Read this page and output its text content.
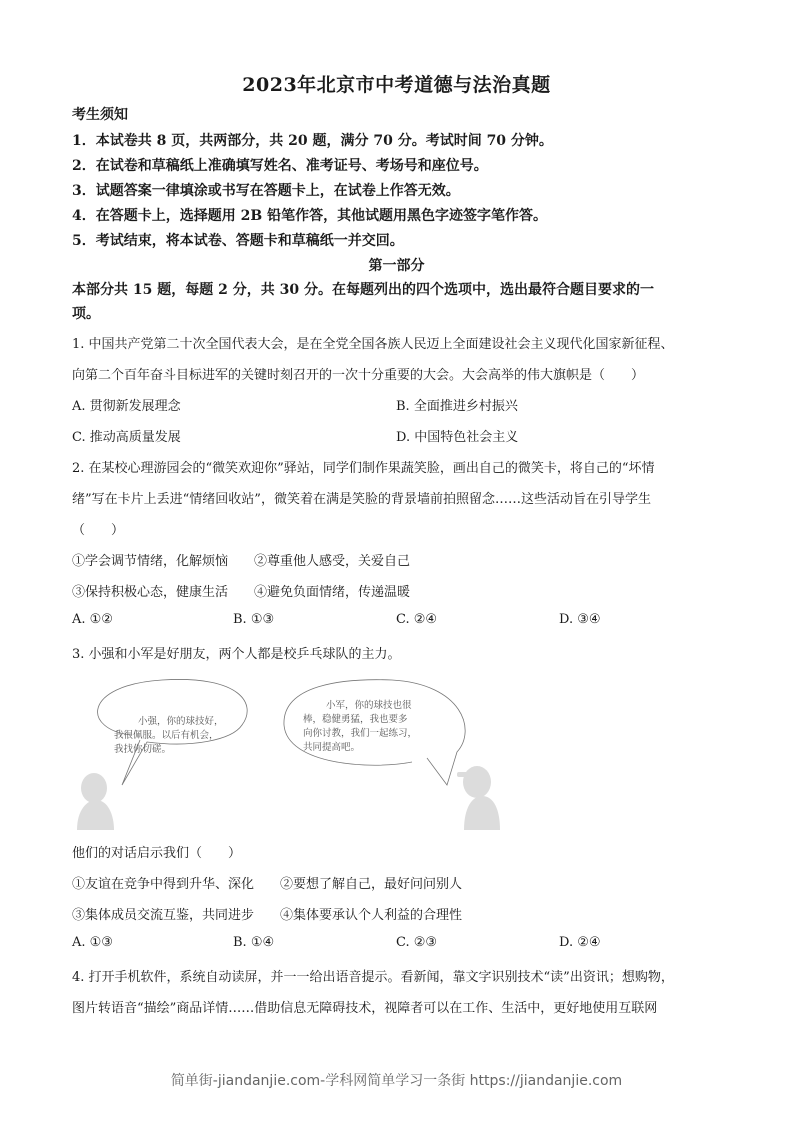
2023年北京市中考道德与法治真题
考生须知
1．本试卷共 8 页，共两部分，共 20 题，满分 70 分。考试时间 70 分钟。
2．在试卷和草稿纸上准确填写姓名、准考证号、考场号和座位号。
3．试题答案一律填涂或书写在答题卡上，在试卷上作答无效。
4．在答题卡上，选择题用 2B 铅笔作答，其他试题用黑色字迹签字笔作答。
5．考试结束，将本试卷、答题卡和草稿纸一并交回。
第一部分
本部分共 15 题，每题 2 分，共 30 分。在每题列出的四个选项中，选出最符合题目要求的一
项。
1. 中国共产党第二十次全国代表大会，是在全党全国各族人民迈上全面建设社会主义现代化国家新征程、
向第二个百年奋斗目标进军的关键时刻召开的一次十分重要的大会。大会高举的伟大旗帜是（　　）
A. 贯彻新发展理念	B. 全面推进乡村振兴
C. 推动高质量发展	D. 中国特色社会主义
2. 在某校心理游园会的“微笑欢迎你”驿站，同学们制作果蔬笑脸，画出自己的微笑卡，将自己的“坏情
绪”写在卡片上丢进“情绪回收站”，微笑着在满是笑脸的背景墙前拍照留念……这些活动旨在引导学生
（　　）
①学会调节情绪，化解烦恼　　②尊重他人感受，关爱自己
③保持积极心态，健康生活　　④避免负面情绪，传递温暖
A. ①②	B. ①③	C. ②④	D. ③④
3. 小强和小军是好朋友，两个人都是校乒乓球队的主力。
小强，你的球技好，
我很佩服。以后有机会，
我找你切磋。
小军，你的球技也很
棒，稳健勇猛，我也要多
向你讨教，我们一起练习，
共同提高吧。
他们的对话启示我们（　　）
①友谊在竞争中得到升华、深化　　②要想了解自己，最好问问别人
③集体成员交流互鉴，共同进步　　④集体要承认个人利益的合理性
A. ①③	B. ①④	C. ②③	D. ②④
4. 打开手机软件，系统自动读屏，并一一给出语音提示。看新闻，靠文字识别技术“读”出资讯；想购物，
图片转语音“描绘”商品详情……借助信息无障碍技术，视障者可以在工作、生活中，更好地使用互联网
简单街-jiandanjie.com-学科网简单学习一条街 https://jiandanjie.com
